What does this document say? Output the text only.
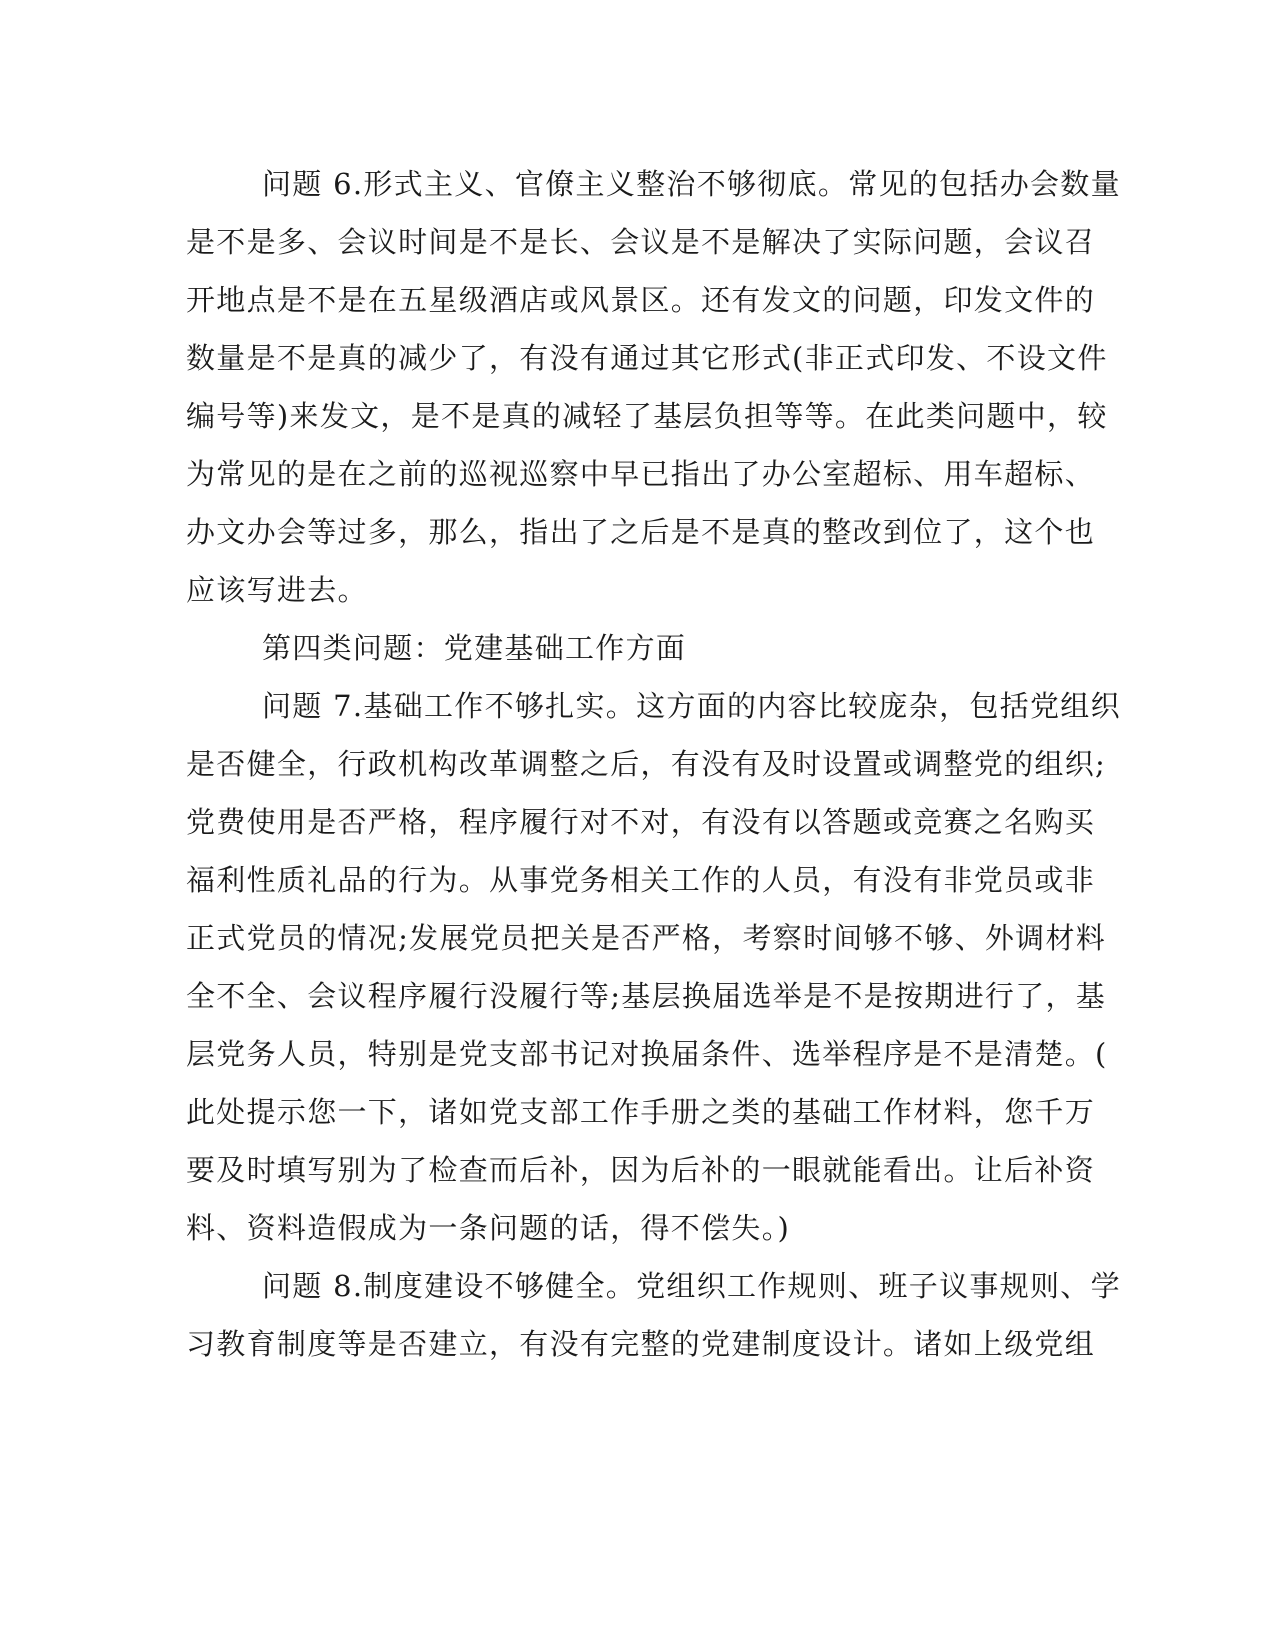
问题 6.形式主义、官僚主义整治不够彻底。常见的包括办会数量
是不是多、会议时间是不是长、会议是不是解决了实际问题，会议召
开地点是不是在五星级酒店或风景区。还有发文的问题，印发文件的
数量是不是真的减少了，有没有通过其它形式(非正式印发、不设文件
编号等)来发文，是不是真的减轻了基层负担等等。在此类问题中，较
为常见的是在之前的巡视巡察中早已指出了办公室超标、用车超标、
办文办会等过多，那么，指出了之后是不是真的整改到位了，这个也
应该写进去。
第四类问题：党建基础工作方面
问题 7.基础工作不够扎实。这方面的内容比较庞杂，包括党组织
是否健全，行政机构改革调整之后，有没有及时设置或调整党的组织;
党费使用是否严格，程序履行对不对，有没有以答题或竞赛之名购买
福利性质礼品的行为。从事党务相关工作的人员，有没有非党员或非
正式党员的情况;发展党员把关是否严格，考察时间够不够、外调材料
全不全、会议程序履行没履行等;基层换届选举是不是按期进行了，基
层党务人员，特别是党支部书记对换届条件、选举程序是不是清楚。(
此处提示您一下，诸如党支部工作手册之类的基础工作材料，您千万
要及时填写别为了检查而后补，因为后补的一眼就能看出。让后补资
料、资料造假成为一条问题的话，得不偿失。)
问题 8.制度建设不够健全。党组织工作规则、班子议事规则、学
习教育制度等是否建立，有没有完整的党建制度设计。诸如上级党组
